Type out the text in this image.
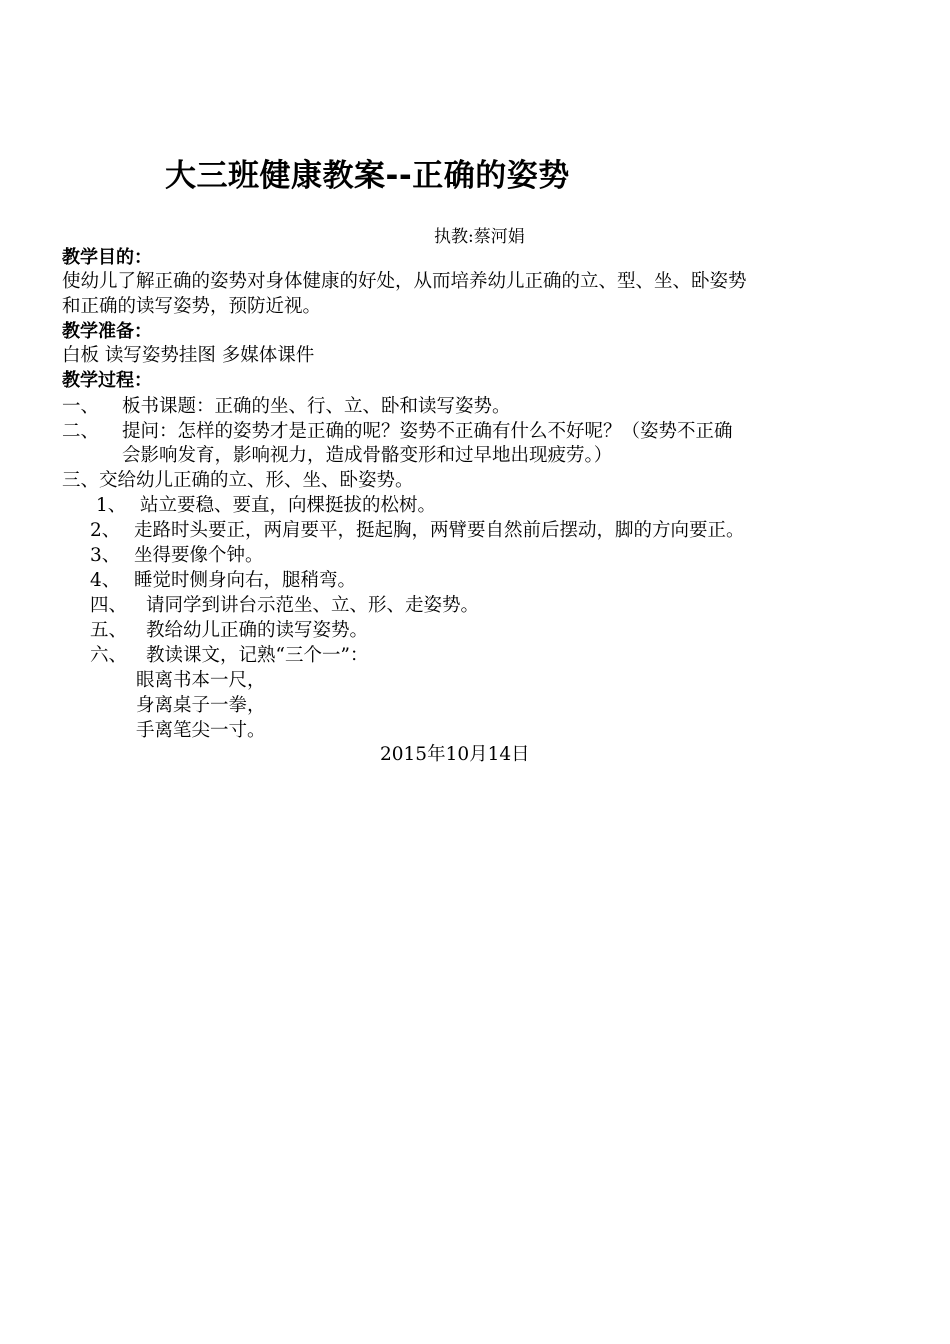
大三班健康教案--正确的姿势
执教:蔡河娟
教学目的：
使幼儿了解正确的姿势对身体健康的好处，从而培养幼儿正确的立、型、坐、卧姿势
和正确的读写姿势，预防近视。
教学准备：
白板 读写姿势挂图 多媒体课件
教学过程：
一、 板书课题：正确的坐、行、立、卧和读写姿势。
二、 提问：怎样的姿势才是正确的呢？姿势不正确有什么不好呢？（姿势不正确
会影响发育，影响视力，造成骨骼变形和过早地出现疲劳。）
三、交给幼儿正确的立、形、坐、卧姿势。
1、 站立要稳、要直，向棵挺拔的松树。
2、 走路时头要正，两肩要平，挺起胸，两臂要自然前后摆动，脚的方向要正。
3、 坐得要像个钟。
4、 睡觉时侧身向右，腿稍弯。
四、 请同学到讲台示范坐、立、形、走姿势。
五、 教给幼儿正确的读写姿势。
六、 教读课文，记熟“三个一”：
眼离书本一尺，
身离桌子一拳，
手离笔尖一寸。
2015年10月14日
